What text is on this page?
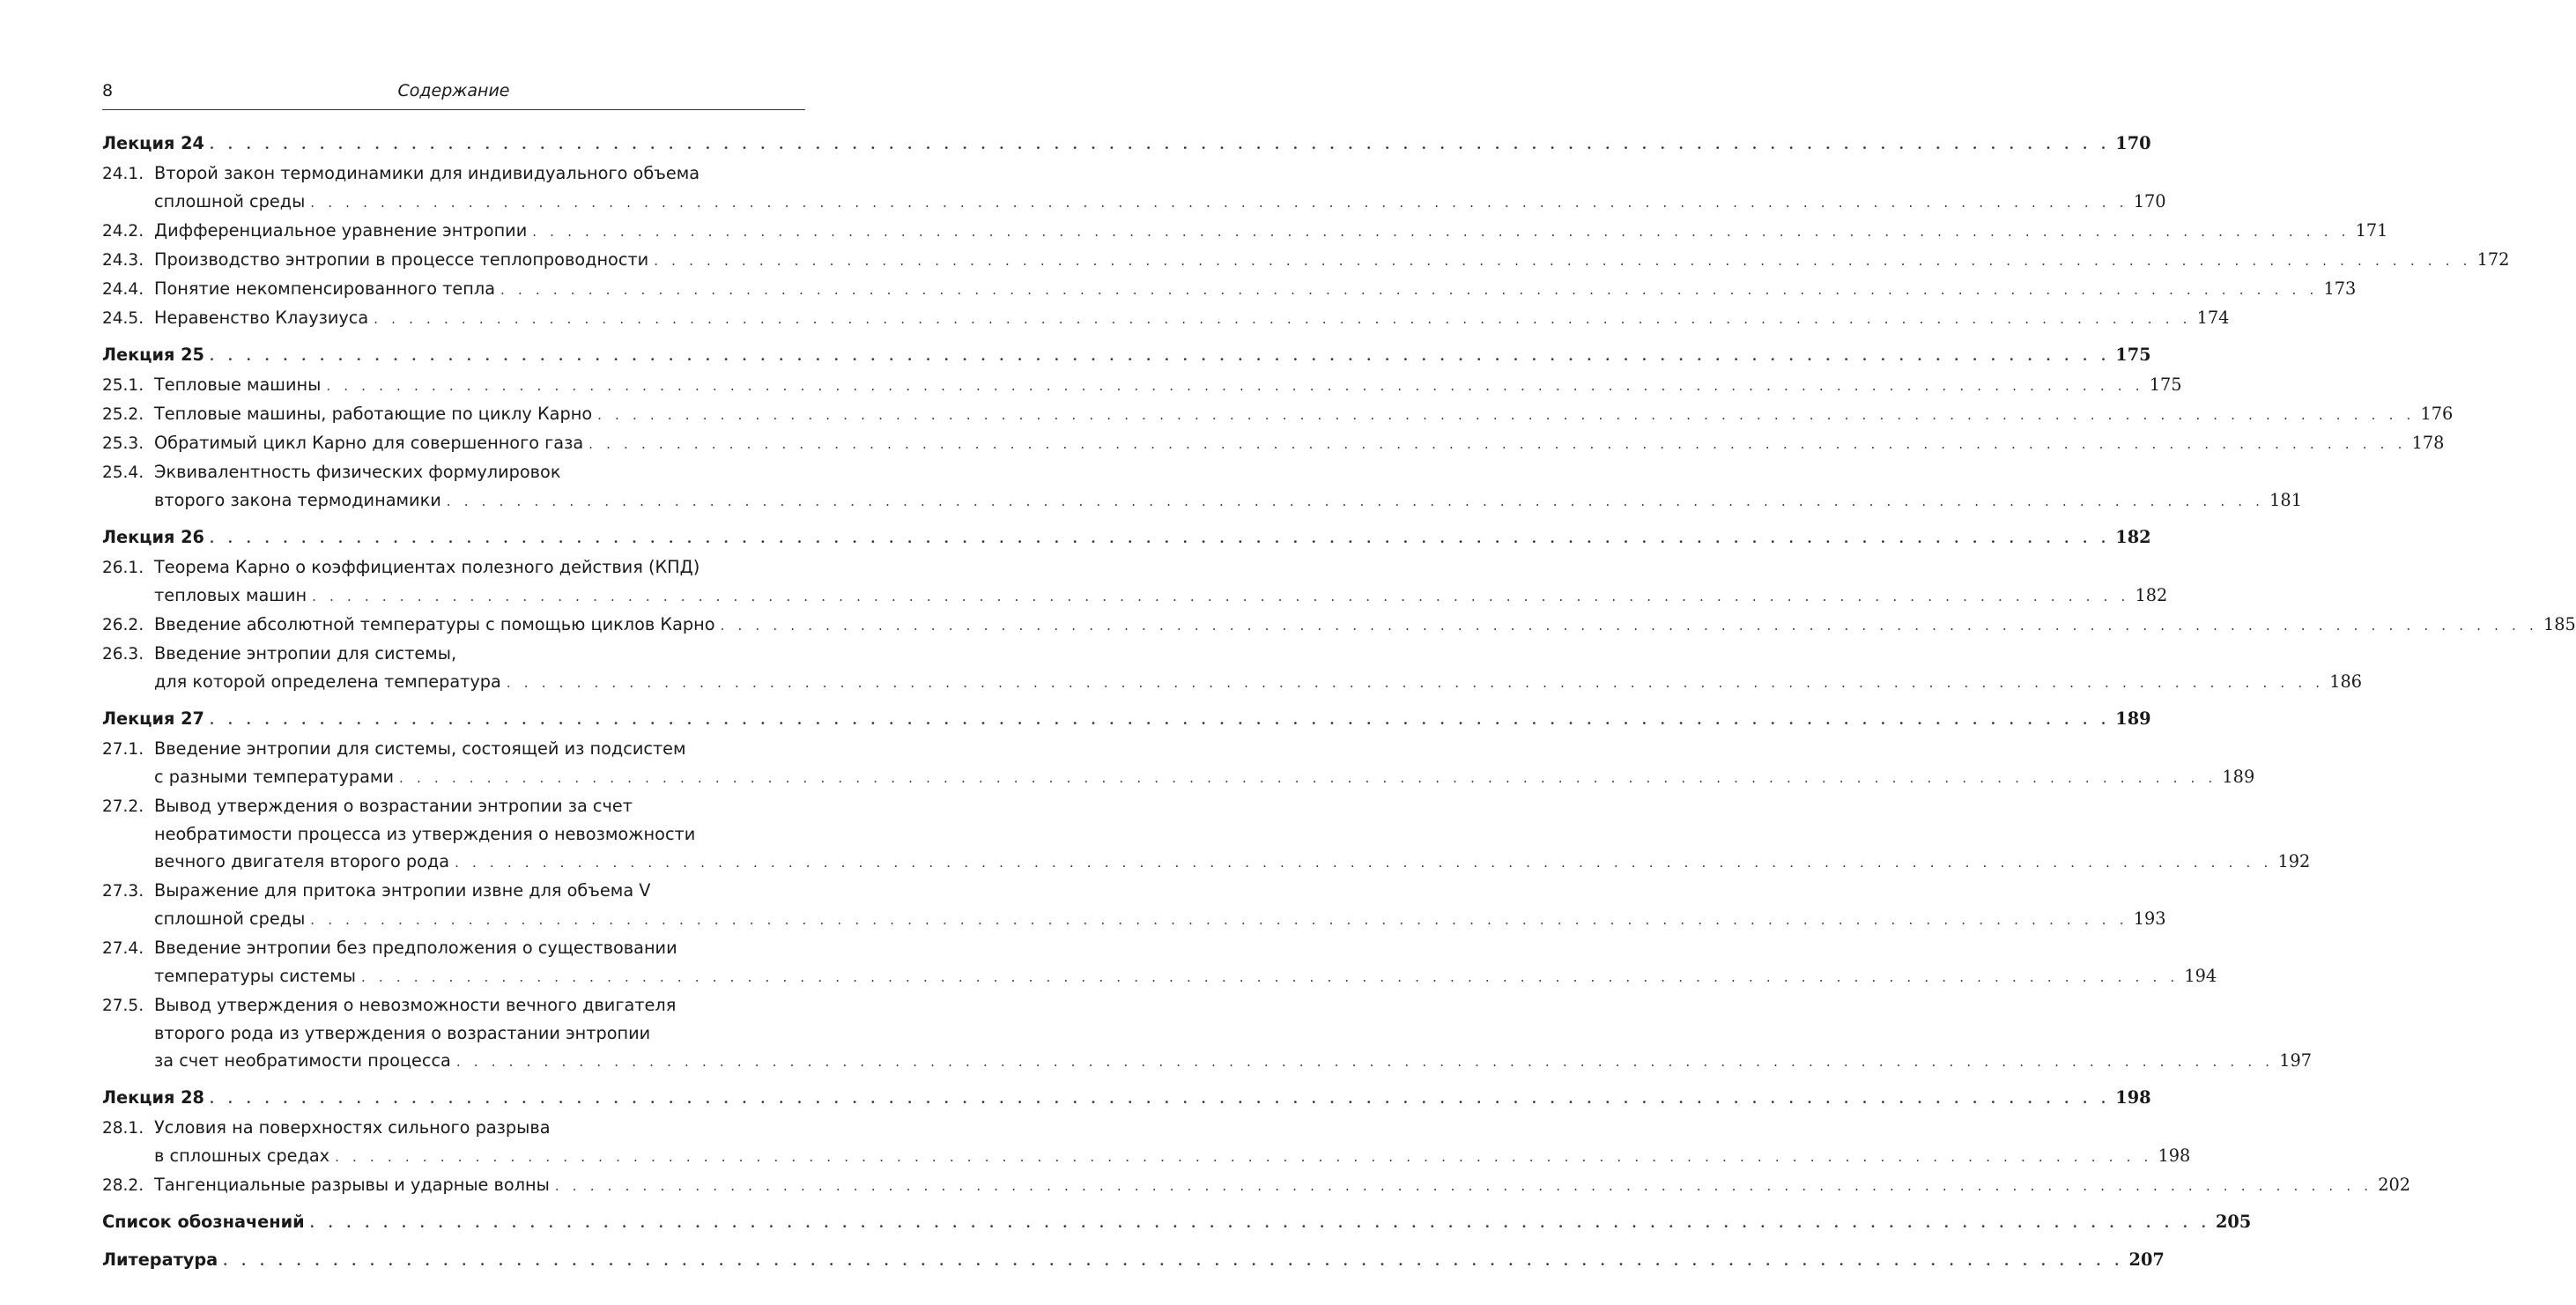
8	Содержание
Лекция 24 . . . . . . . . . . . . . . . . . . . . . . . . . . . . . . . . . . . . . . . . . . . . . . . . . . . . . . . . . . . . . . . . . . . . . . . . . . . . . . . . . . . . . . . . . . . . . . . . . . . . . . . . 170
24.1. Второй закон термодинамики для индивидуального объема
сплошной среды . . . . . . . . . . . . . . . . . . . . . . . . . . . . . . . . . . . . . . . . . . . . . . . . . . . . . . . . . . . . . . . . . . . . . . . . . . . . . . . . . . . . . . . . . . . . . . . . . . . . . . . . 170
24.2. Дифференциальное уравнение энтропии . . . . . . . . . . . . . . . . . . . . . . . . . . . . . . . . . . . . . . . . . . . . . . . . . . . . . . . . . . . . . . . . . . . . . . . . . . . . . . . . . . . . . . . . . . . . . . . . . . . . . . . . 171
24.3. Производство энтропии в процессе теплопроводности . . . . . . . . . . . . . . . . . . . . . . . . . . . . . . . . . . . . . . . . . . . . . . . . . . . . . . . . . . . . . . . . . . . . . . . . . . . . . . . . . . . . . . . . . . . . . . . . . . . . . . . . 172
24.4. Понятие некомпенсированного тепла . . . . . . . . . . . . . . . . . . . . . . . . . . . . . . . . . . . . . . . . . . . . . . . . . . . . . . . . . . . . . . . . . . . . . . . . . . . . . . . . . . . . . . . . . . . . . . . . . . . . . . . . 173
24.5. Неравенство Клаузиуса . . . . . . . . . . . . . . . . . . . . . . . . . . . . . . . . . . . . . . . . . . . . . . . . . . . . . . . . . . . . . . . . . . . . . . . . . . . . . . . . . . . . . . . . . . . . . . . . . . . . . . . . 174
Лекция 25 . . . . . . . . . . . . . . . . . . . . . . . . . . . . . . . . . . . . . . . . . . . . . . . . . . . . . . . . . . . . . . . . . . . . . . . . . . . . . . . . . . . . . . . . . . . . . . . . . . . . . . . . 175
25.1. Тепловые машины . . . . . . . . . . . . . . . . . . . . . . . . . . . . . . . . . . . . . . . . . . . . . . . . . . . . . . . . . . . . . . . . . . . . . . . . . . . . . . . . . . . . . . . . . . . . . . . . . . . . . . . . 175
25.2. Тепловые машины, работающие по циклу Карно . . . . . . . . . . . . . . . . . . . . . . . . . . . . . . . . . . . . . . . . . . . . . . . . . . . . . . . . . . . . . . . . . . . . . . . . . . . . . . . . . . . . . . . . . . . . . . . . . . . . . . . . 176
25.3. Обратимый цикл Карно для совершенного газа . . . . . . . . . . . . . . . . . . . . . . . . . . . . . . . . . . . . . . . . . . . . . . . . . . . . . . . . . . . . . . . . . . . . . . . . . . . . . . . . . . . . . . . . . . . . . . . . . . . . . . . . 178
25.4. Эквивалентность физических формулировок
второго закона термодинамики . . . . . . . . . . . . . . . . . . . . . . . . . . . . . . . . . . . . . . . . . . . . . . . . . . . . . . . . . . . . . . . . . . . . . . . . . . . . . . . . . . . . . . . . . . . . . . . . . . . . . . . . 181
Лекция 26 . . . . . . . . . . . . . . . . . . . . . . . . . . . . . . . . . . . . . . . . . . . . . . . . . . . . . . . . . . . . . . . . . . . . . . . . . . . . . . . . . . . . . . . . . . . . . . . . . . . . . . . . 182
26.1. Теорема Карно о коэффициентах полезного действия (КПД)
тепловых машин . . . . . . . . . . . . . . . . . . . . . . . . . . . . . . . . . . . . . . . . . . . . . . . . . . . . . . . . . . . . . . . . . . . . . . . . . . . . . . . . . . . . . . . . . . . . . . . . . . . . . . . . 182
26.2. Введение абсолютной температуры с помощью циклов Карно . . . . . . . . . . . . . . . . . . . . . . . . . . . . . . . . . . . . . . . . . . . . . . . . . . . . . . . . . . . . . . . . . . . . . . . . . . . . . . . . . . . . . . . . . . . . . . . . . . . . . . . . 185
26.3. Введение энтропии для системы,
для которой определена температура . . . . . . . . . . . . . . . . . . . . . . . . . . . . . . . . . . . . . . . . . . . . . . . . . . . . . . . . . . . . . . . . . . . . . . . . . . . . . . . . . . . . . . . . . . . . . . . . . . . . . . . . 186
Лекция 27 . . . . . . . . . . . . . . . . . . . . . . . . . . . . . . . . . . . . . . . . . . . . . . . . . . . . . . . . . . . . . . . . . . . . . . . . . . . . . . . . . . . . . . . . . . . . . . . . . . . . . . . . 189
27.1. Введение энтропии для системы, состоящей из подсистем
с разными температурами . . . . . . . . . . . . . . . . . . . . . . . . . . . . . . . . . . . . . . . . . . . . . . . . . . . . . . . . . . . . . . . . . . . . . . . . . . . . . . . . . . . . . . . . . . . . . . . . . . . . . . . . 189
27.2. Вывод утверждения о возрастании энтропии за счет
необратимости процесса из утверждения о невозможности
вечного двигателя второго рода . . . . . . . . . . . . . . . . . . . . . . . . . . . . . . . . . . . . . . . . . . . . . . . . . . . . . . . . . . . . . . . . . . . . . . . . . . . . . . . . . . . . . . . . . . . . . . . . . . . . . . . . 192
27.3. Выражение для притока энтропии извне для объема V
сплошной среды . . . . . . . . . . . . . . . . . . . . . . . . . . . . . . . . . . . . . . . . . . . . . . . . . . . . . . . . . . . . . . . . . . . . . . . . . . . . . . . . . . . . . . . . . . . . . . . . . . . . . . . . 193
27.4. Введение энтропии без предположения о существовании
температуры системы . . . . . . . . . . . . . . . . . . . . . . . . . . . . . . . . . . . . . . . . . . . . . . . . . . . . . . . . . . . . . . . . . . . . . . . . . . . . . . . . . . . . . . . . . . . . . . . . . . . . . . . . 194
27.5. Вывод утверждения о невозможности вечного двигателя
второго рода из утверждения о возрастании энтропии
за счет необратимости процесса . . . . . . . . . . . . . . . . . . . . . . . . . . . . . . . . . . . . . . . . . . . . . . . . . . . . . . . . . . . . . . . . . . . . . . . . . . . . . . . . . . . . . . . . . . . . . . . . . . . . . . . . 197
Лекция 28 . . . . . . . . . . . . . . . . . . . . . . . . . . . . . . . . . . . . . . . . . . . . . . . . . . . . . . . . . . . . . . . . . . . . . . . . . . . . . . . . . . . . . . . . . . . . . . . . . . . . . . . . 198
28.1. Условия на поверхностях сильного разрыва
в сплошных средах . . . . . . . . . . . . . . . . . . . . . . . . . . . . . . . . . . . . . . . . . . . . . . . . . . . . . . . . . . . . . . . . . . . . . . . . . . . . . . . . . . . . . . . . . . . . . . . . . . . . . . . . 198
28.2. Тангенциальные разрывы и ударные волны . . . . . . . . . . . . . . . . . . . . . . . . . . . . . . . . . . . . . . . . . . . . . . . . . . . . . . . . . . . . . . . . . . . . . . . . . . . . . . . . . . . . . . . . . . . . . . . . . . . . . . . . 202
Список обозначений . . . . . . . . . . . . . . . . . . . . . . . . . . . . . . . . . . . . . . . . . . . . . . . . . . . . . . . . . . . . . . . . . . . . . . . . . . . . . . . . . . . . . . . . . . . . . . . . . . . . . . . . 205
Литература . . . . . . . . . . . . . . . . . . . . . . . . . . . . . . . . . . . . . . . . . . . . . . . . . . . . . . . . . . . . . . . . . . . . . . . . . . . . . . . . . . . . . . . . . . . . . . . . . . . . . . . . 207
